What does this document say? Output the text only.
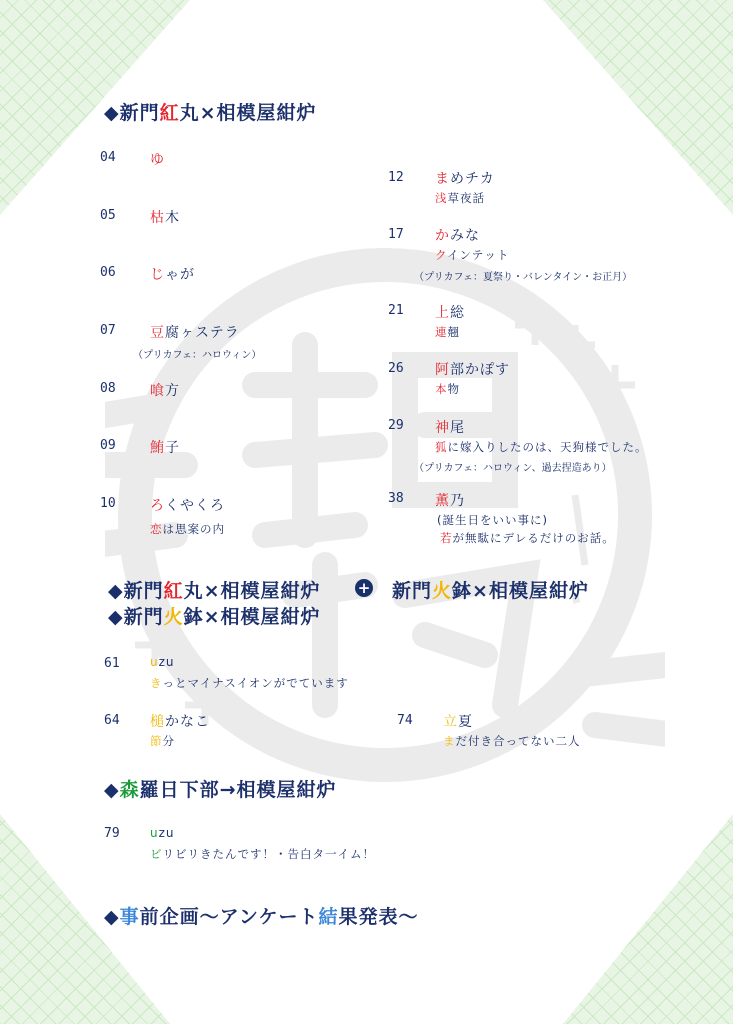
◆新門紅丸×相模屋紺炉
04 ゆ
05 枯木
06 じゃが
07 豆腐ヶステラ
（プリカフェ：ハロウィン）
08 喰方
09 鮪子
10 ろくやくろ
恋は思案の内
12 まめチカ
浅草夜話
17 かみな
クインテット
（プリカフェ：夏祭り・バレンタイン・お正月）
21 上総
連翹
26 阿部かぽす
本物
29 神尾
狐に嫁入りしたのは、天狗様でした。
（プリカフェ：ハロウィン、過去捏造あり）
38 薫乃
(誕生日をいい事に)
若が無駄にデレるだけのお話。
◆新門紅丸×相模屋紺炉 + 新門火鉢×相模屋紺炉
◆新門火鉢×相模屋紺炉
61	uzu
きっとマイナスイオンがでています
64 槌かなこ
節分
74 立夏
まだ付き合ってない二人
◆森羅日下部→相模屋紺炉
79	uzu
ビリビリきたんです！・告白タ一イム！
◆事前企画〜アンケート結果発表〜
